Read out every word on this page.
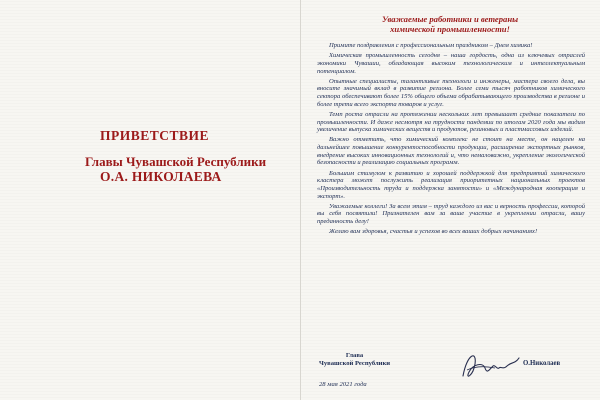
ПРИВЕТСТВИЕ
Главы Чувашской Республики
О.А. НИКОЛАЕВА
Уважаемые работники и ветераны
химической промышленности!

Примите поздравления с профессиональным праздником – Днем химика!

Химическая промышленность сегодня – наша гордость, одна из ключевых отраслей экономики Чувашии, обладающая высоким технологическим и интеллектуальным потенциалом.

Опытные специалисты, талантливые технологи и инженеры, мастера своего дела, вы вносите значимый вклад в развитие региона. Более семи тысяч работников химического сектора обеспечивают более 15% общего объема обрабатывающего производства в регионе и более трети всего экспорта товаров и услуг.

Темп роста отрасли на протяжении нескольких лет превышает средние показатели по промышленности. И даже несмотря на трудности пандемии по итогам 2020 года мы видим увеличение выпуска химических веществ и продуктов, резиновых и пластмассовых изделий.

Важно отметить, что химический комплекс не стоит на месте, он нацелен на дальнейшее повышение конкурентоспособности продукции, расширение экспортных рынков, внедрение высоких инновационных технологий и, что немаловажно, укрепление экологической безопасности и реализацию социальных программ.

Большим стимулом к развитию и хорошей поддержкой для предприятий химического кластера может послужить реализация приоритетных национальных проектов «Производительность труда и поддержка занятости» и «Международная кооперация и экспорт».

Уважаемые коллеги! За всем этим – труд каждого из вас и верность профессии, которой вы себя посвятили! Признателен вам за ваше участие в укреплении отрасли, вашу преданность делу!

Желаю вам здоровья, счастья и успехов во всех ваших добрых начинаниях!

Глава
Чувашской Республики	О.Николаев
28 мая 2021 года
